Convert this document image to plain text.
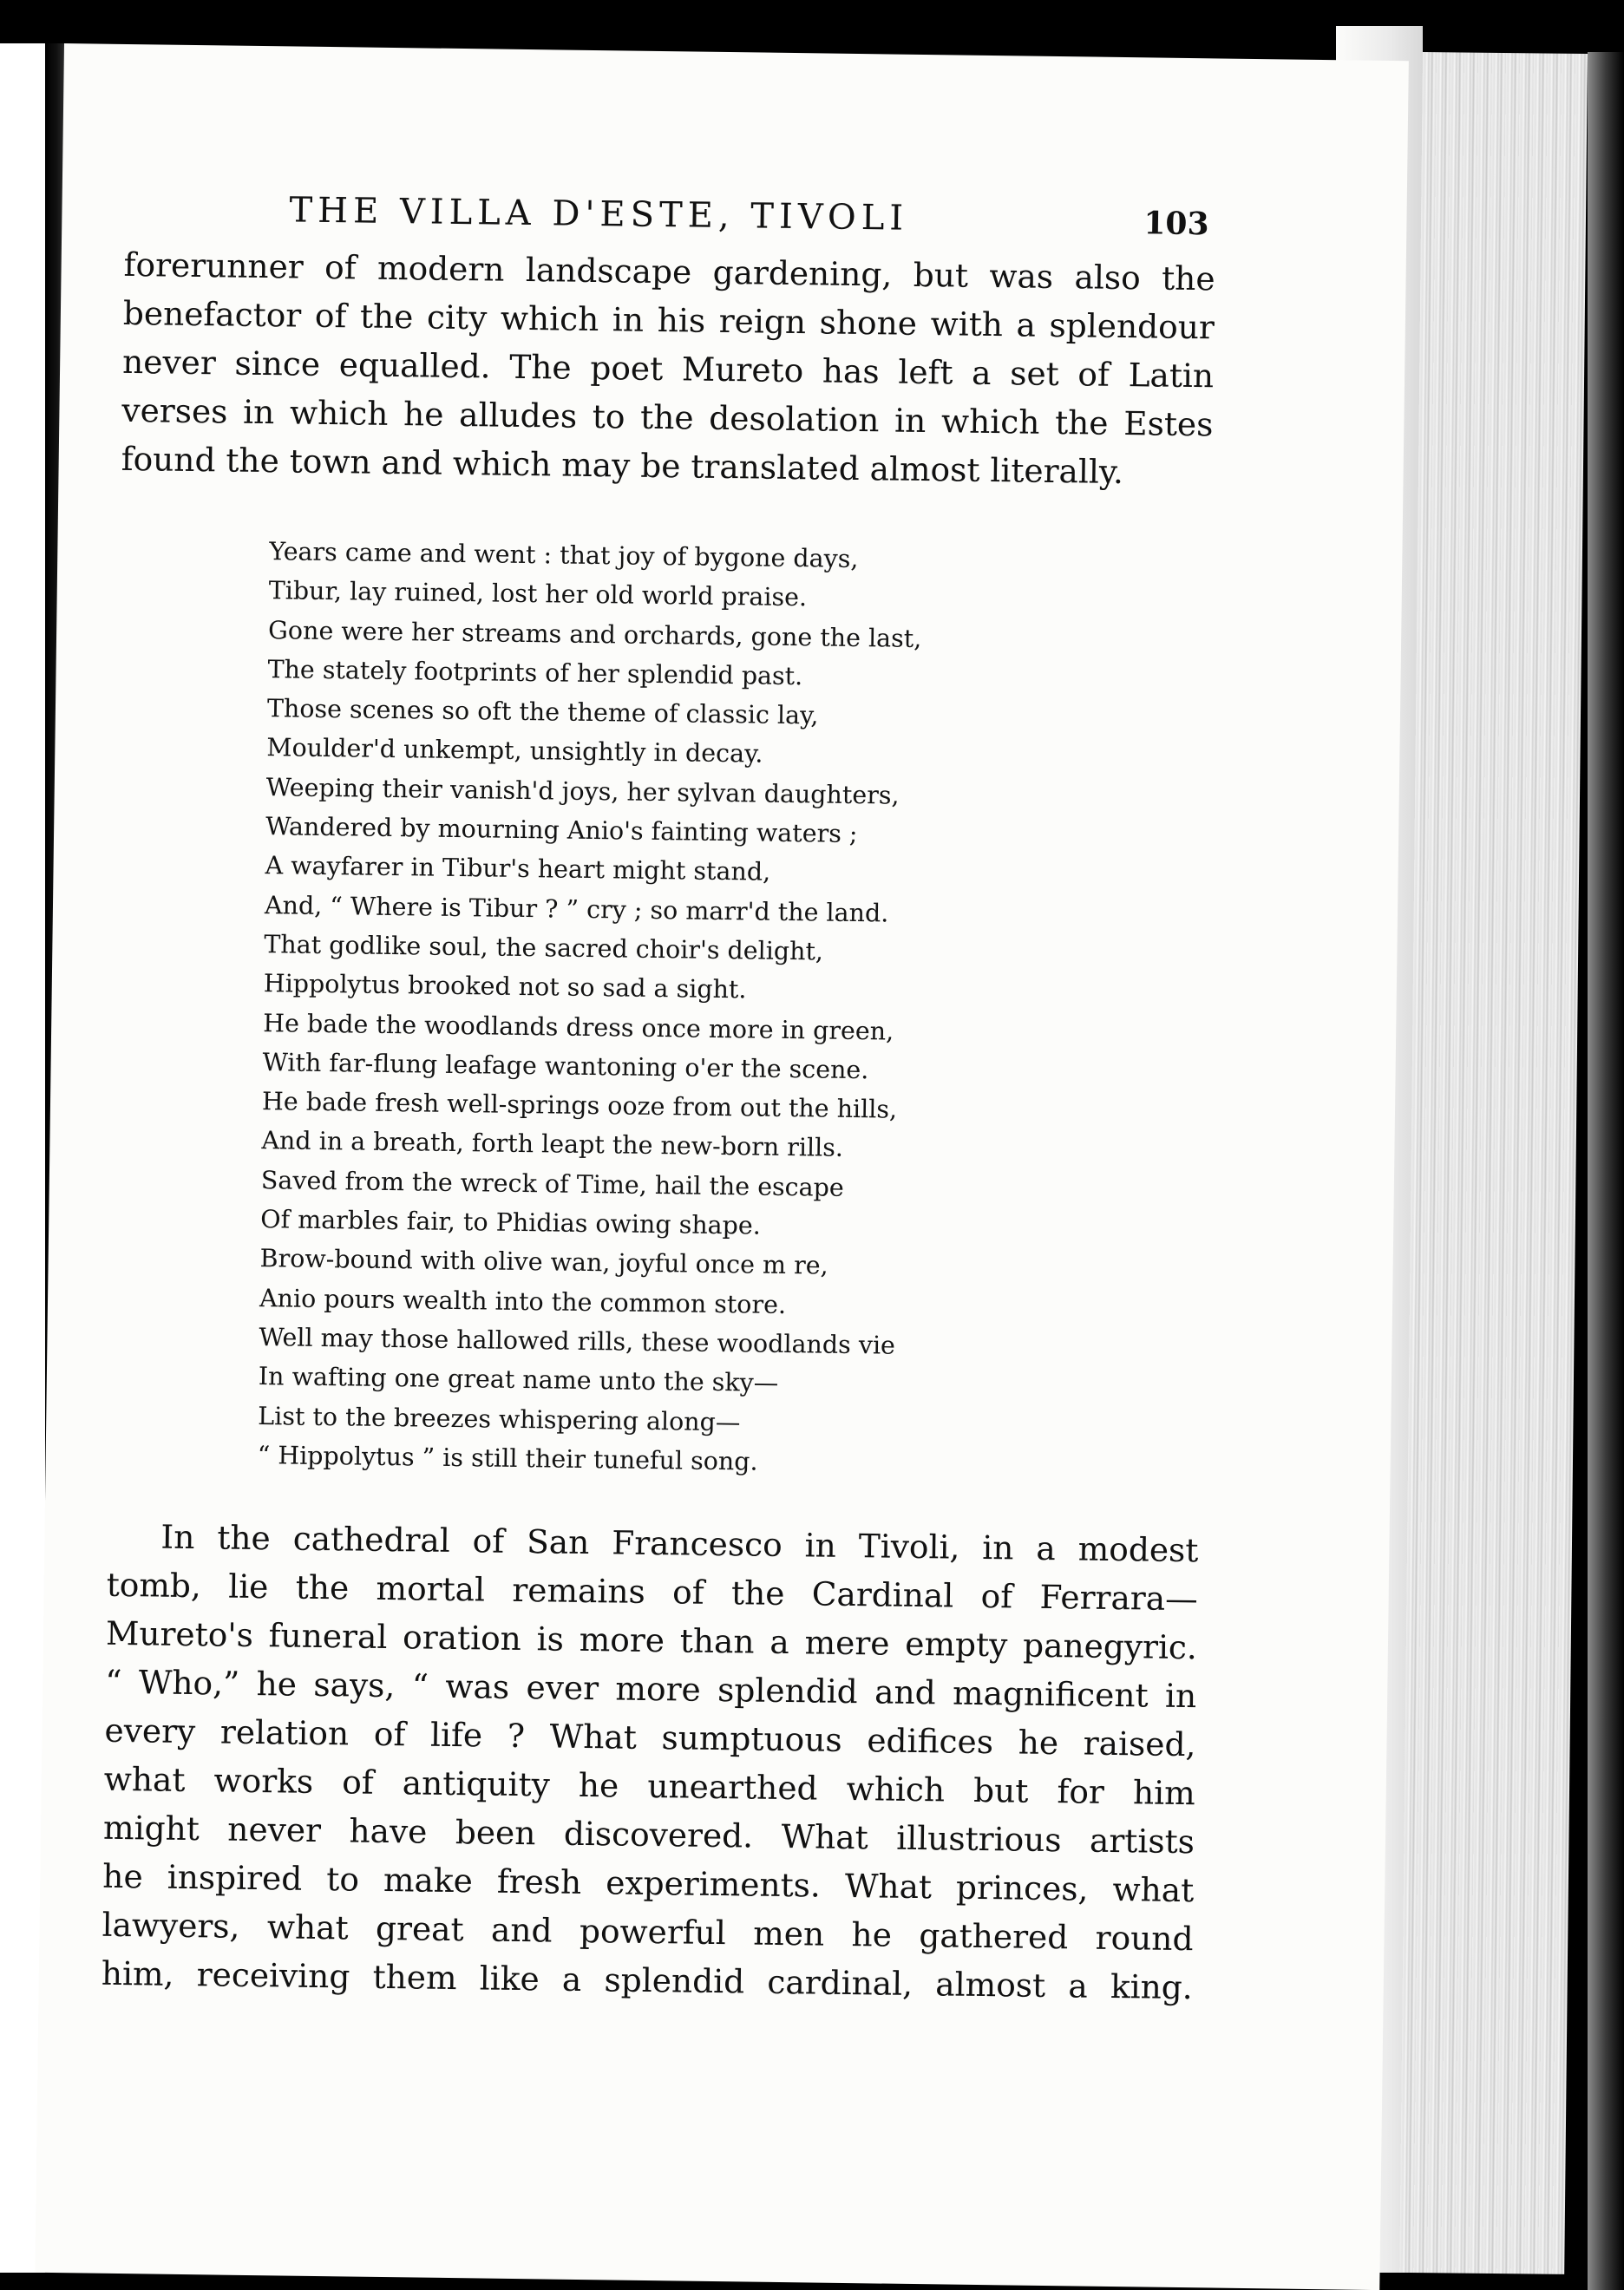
THE VILLA D'ESTE, TIVOLI	103
forerunner of modern landscape gardening, but was also the
benefactor of the city which in his reign shone with a splendour
never since equalled. The poet Mureto has left a set of Latin
verses in which he alludes to the desolation in which the Estes
found the town and which may be translated almost literally.
Years came and went : that joy of bygone days,
Tibur, lay ruined, lost her old world praise.
Gone were her streams and orchards, gone the last,
The stately footprints of her splendid past.
Those scenes so oft the theme of classic lay,
Moulder'd unkempt, unsightly in decay.
Weeping their vanish'd joys, her sylvan daughters,
Wandered by mourning Anio's fainting waters ;
A wayfarer in Tibur's heart might stand,
And, “ Where is Tibur ? ” cry ; so marr'd the land.
That godlike soul, the sacred choir's delight,
Hippolytus brooked not so sad a sight.
He bade the woodlands dress once more in green,
With far-flung leafage wantoning o'er the scene.
He bade fresh well-springs ooze from out the hills,
And in a breath, forth leapt the new-born rills.
Saved from the wreck of Time, hail the escape
Of marbles fair, to Phidias owing shape.
Brow-bound with olive wan, joyful once m re,
Anio pours wealth into the common store.
Well may those hallowed rills, these woodlands vie
In wafting one great name unto the sky—
List to the breezes whispering along—
“ Hippolytus ” is still their tuneful song.
In the cathedral of San Francesco in Tivoli, in a modest
tomb, lie the mortal remains of the Cardinal of Ferrara—
Mureto's funeral oration is more than a mere empty panegyric.
“ Who,” he says, “ was ever more splendid and magnificent in
every relation of life ? What sumptuous edifices he raised,
what works of antiquity he unearthed which but for him
might never have been discovered. What illustrious artists
he inspired to make fresh experiments. What princes, what
lawyers, what great and powerful men he gathered round
him, receiving them like a splendid cardinal, almost a king.
